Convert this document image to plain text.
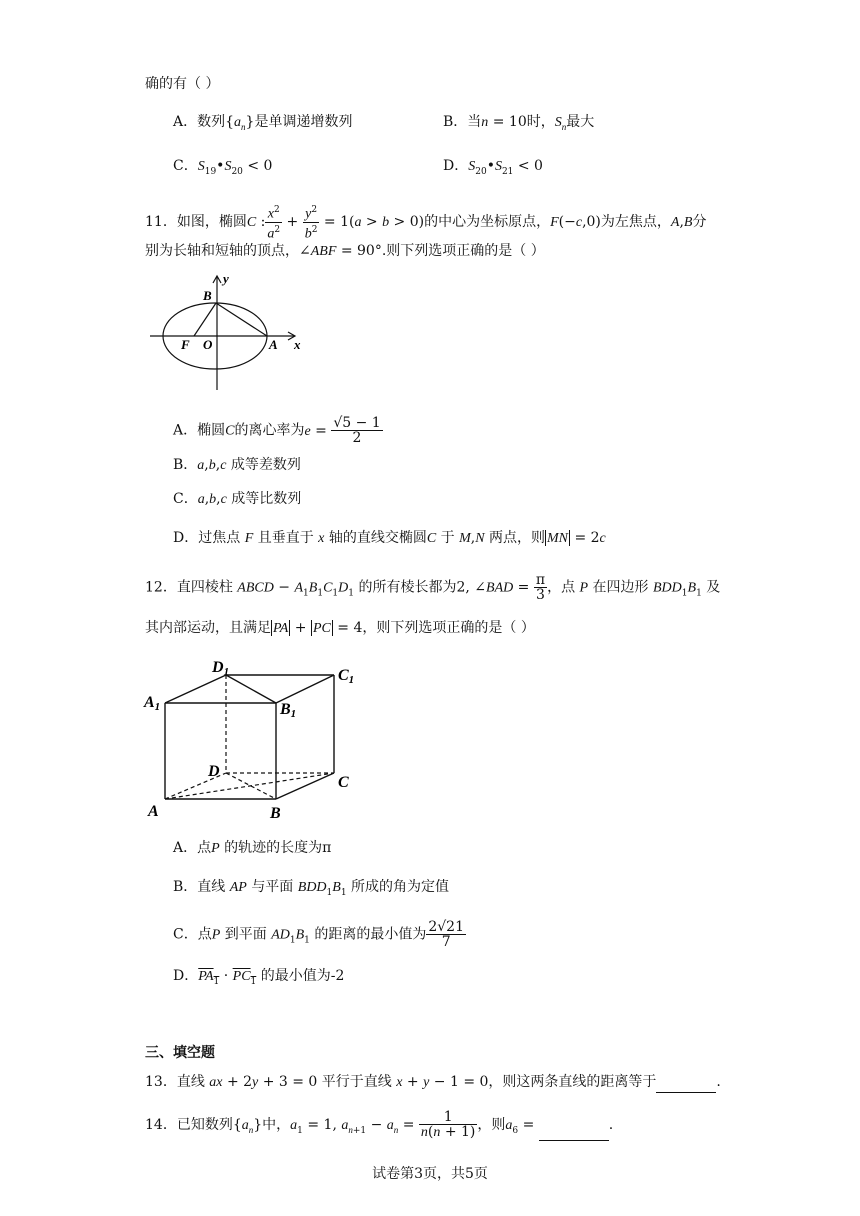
确的有（ ）
A．数列$\{a_n\}$是单调递增数列	B．当n = 10时，$S_n$最大
C．$S_{19}•S_{20} < 0$	D．$S_{20}•S_{21} < 0$
11．如图，椭圆C : $\frac{x^2}{a^2} + \frac{y^2}{b^2} = 1(a > b > 0)$的中心为坐标原点，F(−c,0)为左焦点，A,B分
别为长轴和短轴的顶点，∠ABF = 90°.则下列选项正确的是（ ）
y
B
F O	A x
A．椭圆C的离心率为$e = \frac{√5 - 1}{2}$
B．a,b,c 成等差数列
C．a,b,c 成等比数列
D．过焦点 F 且垂直于 x 轴的直线交椭圆C 于 M,N 两点，则 MN = 2c
12．直四棱柱 ABCD − $A_1B_1C_1D_1$ 的所有棱长都为2, ∠BAD = $\frac{\pi}{3}$ ，点 P 在四边形 $BDD_1B_1$ 及
其内部运动，且满足 PA + PC = 4，则下列选项正确的是（ ）
D1	C1
A1	B1
D
C
A	B
A．点P 的轨迹的长度为π
B．直线 AP 与平面 $BDD_1B_1$ 所成的角为定值
C．点P 到平面 $AD_1B_1$ 的距离的最小值为 $\frac{2√21}{7}$
D．$PA_1 \cdot PC_1$ 的最小值为-2
三、填空题
13．直线 ax + 2y + 3 = 0 平行于直线 x + y − 1 = 0，则这两条直线的距离等于	.
14．已知数列$\{a_n\}$中，$a_1 = 1$, $a_{n+1} - a_n = \frac{1}{n(n + 1)}$ ，则$a_6$ =	.
试卷第3页，共5页
